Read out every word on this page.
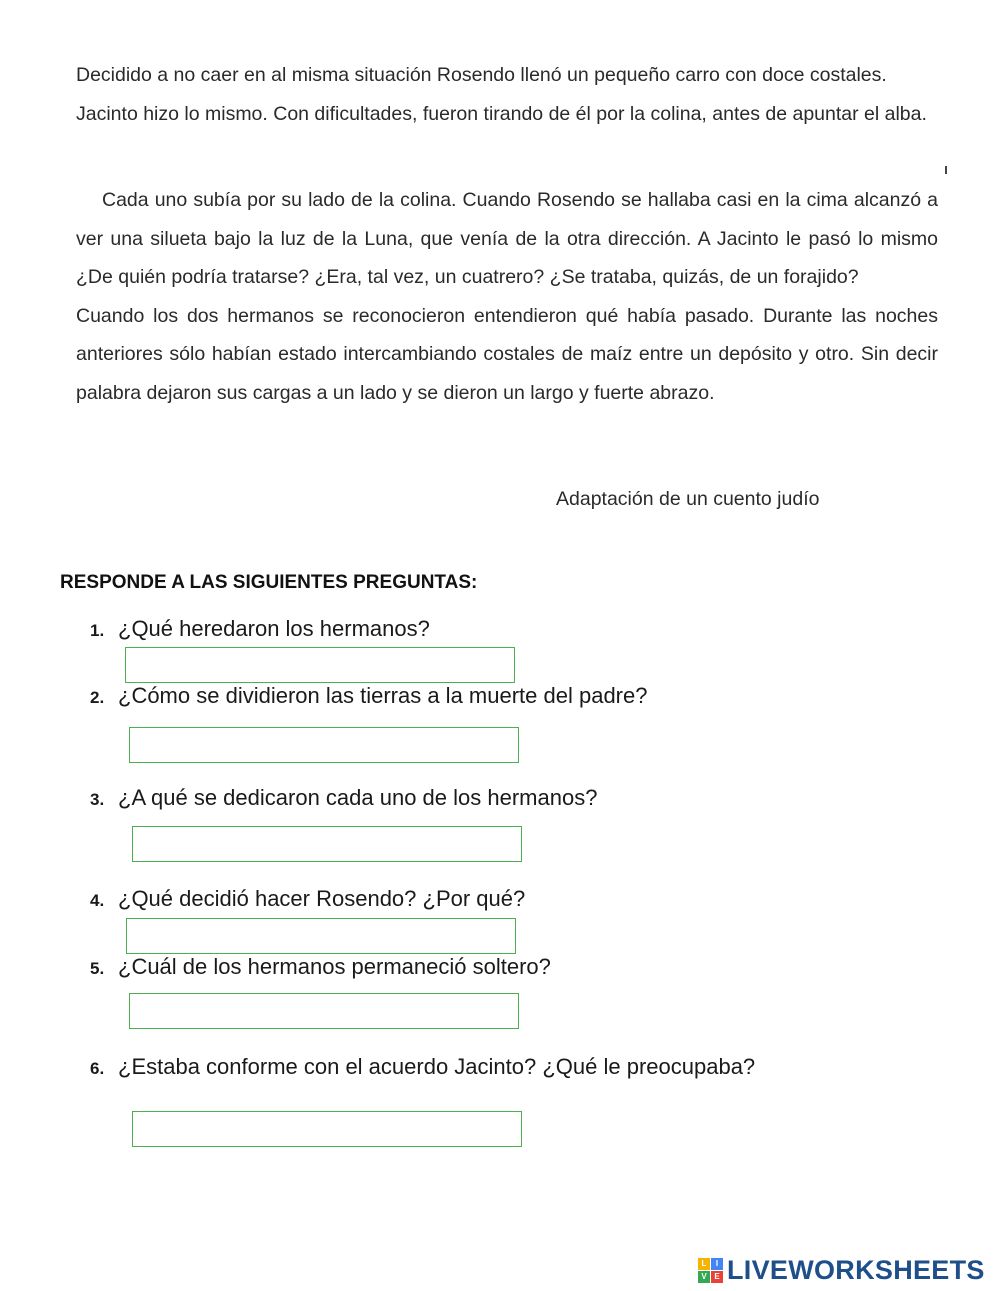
Decidido a no caer en al misma situación Rosendo llenó un pequeño carro con doce costales. Jacinto hizo lo mismo. Con dificultades, fueron tirando de él por la colina, antes de apuntar el alba.

Cada uno subía por su lado de la colina. Cuando Rosendo se hallaba casi en la cima alcanzó a ver una silueta bajo la luz de la Luna, que venía de la otra dirección. A Jacinto le pasó lo mismo ¿De quién podría tratarse? ¿Era, tal vez, un cuatrero? ¿Se trataba, quizás, de un forajido?

Cuando los dos hermanos se reconocieron entendieron qué había pasado. Durante las noches anteriores sólo habían estado intercambiando costales de maíz entre un depósito y otro. Sin decir palabra dejaron sus cargas a un lado y se dieron un largo y fuerte abrazo.

Adaptación de un cuento judío
RESPONDE A LAS SIGUIENTES PREGUNTAS:
1. ¿Qué heredaron los hermanos?
2. ¿Cómo se dividieron las tierras a la muerte del padre?
3. ¿A qué se dedicaron cada uno de los hermanos?
4. ¿Qué decidió hacer Rosendo? ¿Por qué?
5. ¿Cuál de los hermanos permaneció soltero?
6. ¿Estaba conforme con el acuerdo Jacinto? ¿Qué le preocupaba?
L	I
V E LIVEWORKSHEETS
